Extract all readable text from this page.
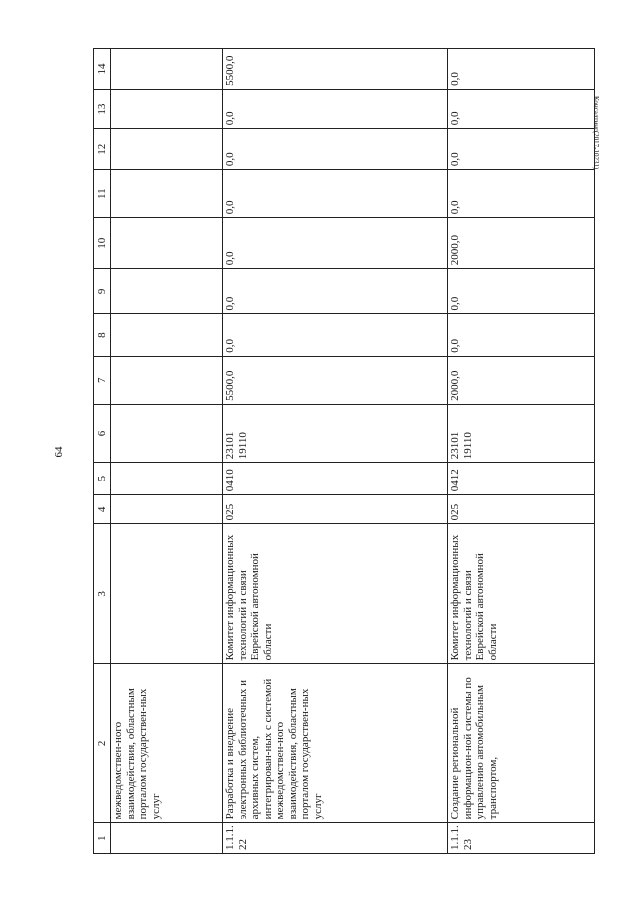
64
Консалтинг(2017-10231)
1	2	3	4	5	6	7	8	9	10	11	12	13	14
	межведомствен-ного взаимодействия, областным порталом государствен-ных услуг												
1.1.1. 22	Разработка и внедрение электронных библиотечных и архивных систем, интегрирован-ных с системой межведомствен-ного взаимодействия, областным порталом государствен-ных услуг	Комитет информационных технологий и связи Еврейской автономной области	025	0410	23101 19110	5500,0	0,0	0,0	0,0	0,0	0,0	0,0	5500,0
1.1.1. 23	Создание региональной информацион-ной системы по управлению автомобильным транспортом,	Комитет информационных технологий и связи Еврейской автономной области	025	0412	23101 19110	2000,0	0,0	0,0	2000,0	0,0	0,0	0,0	0,0
